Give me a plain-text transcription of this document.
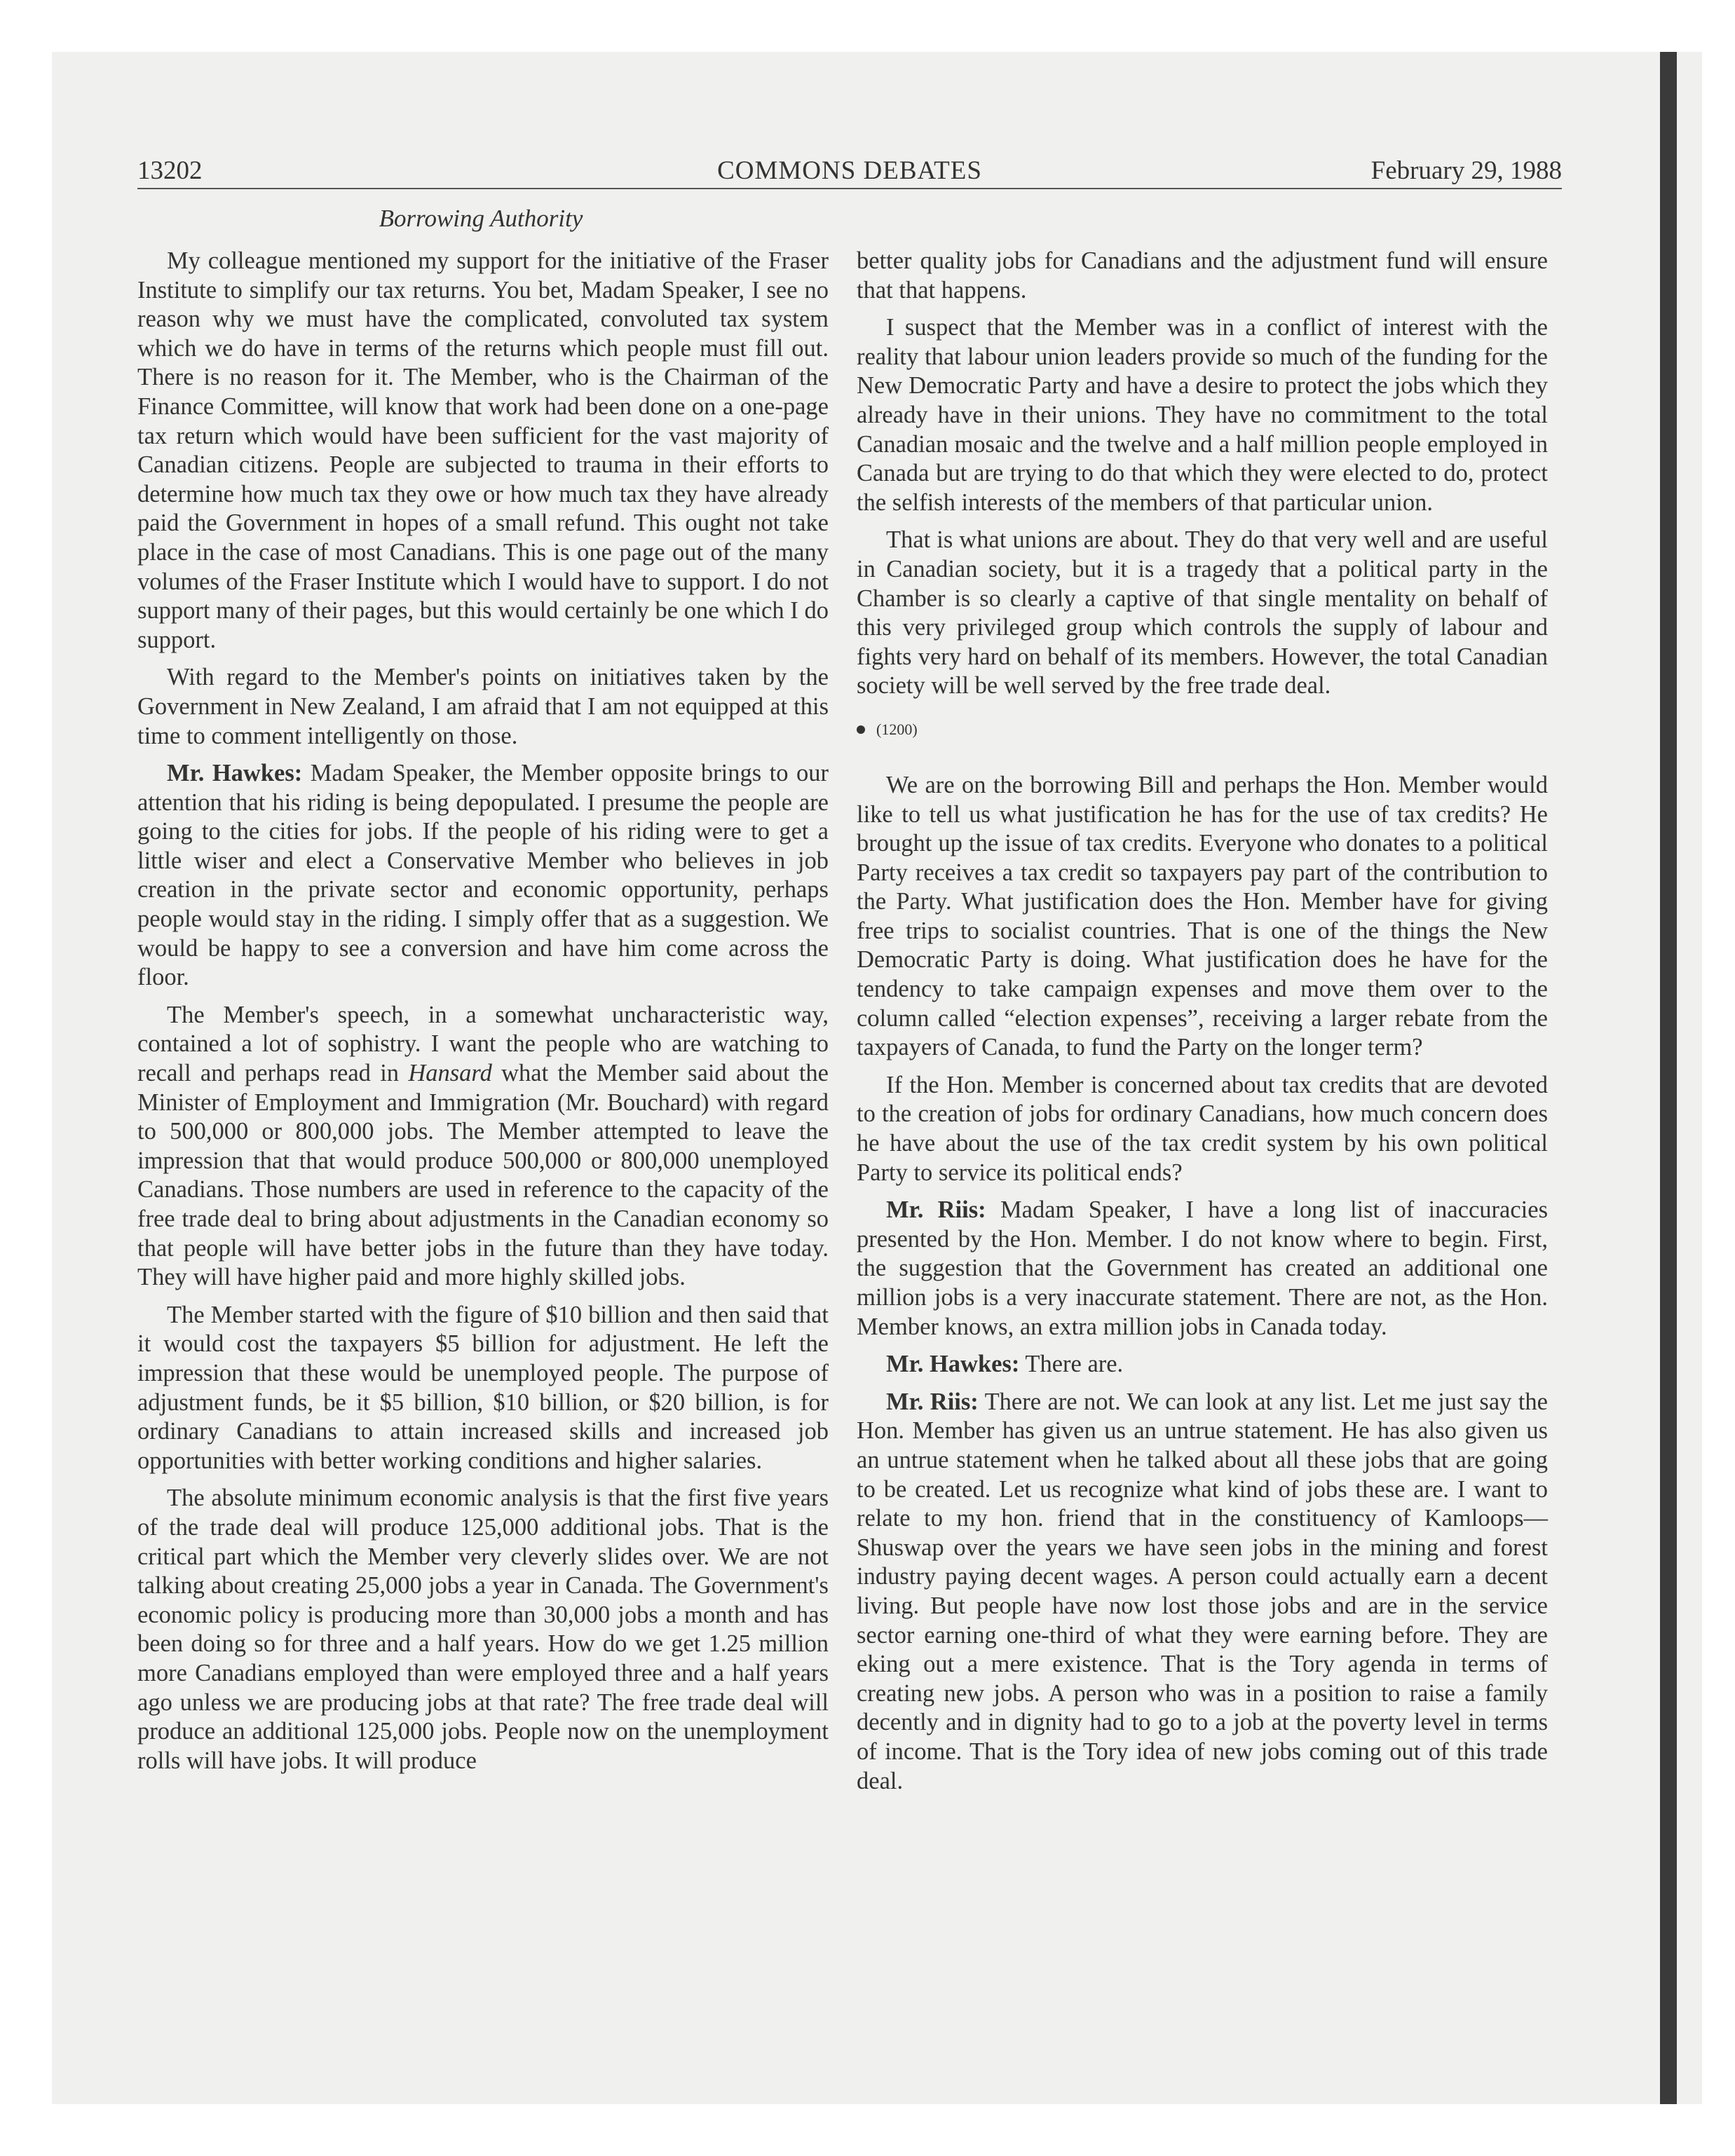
13202	COMMONS DEBATES	February 29, 1988
Borrowing Authority

My colleague mentioned my support for the initiative of the Fraser Institute to simplify our tax returns. You bet, Madam Speaker, I see no reason why we must have the complicated, convoluted tax system which we do have in terms of the returns which people must fill out. There is no reason for it. The Member, who is the Chairman of the Finance Committee, will know that work had been done on a one-page tax return which would have been sufficient for the vast majority of Canadian citizens. People are subjected to trauma in their efforts to determine how much tax they owe or how much tax they have already paid the Government in hopes of a small refund. This ought not take place in the case of most Canadians. This is one page out of the many volumes of the Fraser Institute which I would have to support. I do not support many of their pages, but this would certainly be one which I do support.

With regard to the Member's points on initiatives taken by the Government in New Zealand, I am afraid that I am not equipped at this time to comment intelligently on those.

Mr. Hawkes: Madam Speaker, the Member opposite brings to our attention that his riding is being depopulated. I presume the people are going to the cities for jobs. If the people of his riding were to get a little wiser and elect a Conservative Member who believes in job creation in the private sector and economic opportunity, perhaps people would stay in the riding. I simply offer that as a suggestion. We would be happy to see a conversion and have him come across the floor.

The Member's speech, in a somewhat uncharacteristic way, contained a lot of sophistry. I want the people who are watching to recall and perhaps read in Hansard what the Member said about the Minister of Employment and Immigration (Mr. Bouchard) with regard to 500,000 or 800,000 jobs. The Member attempted to leave the impression that that would produce 500,000 or 800,000 unemployed Canadians. Those numbers are used in reference to the capacity of the free trade deal to bring about adjustments in the Canadian economy so that people will have better jobs in the future than they have today. They will have higher paid and more highly skilled jobs.

The Member started with the figure of $10 billion and then said that it would cost the taxpayers $5 billion for adjustment. He left the impression that these would be unemployed people. The purpose of adjustment funds, be it $5 billion, $10 billion, or $20 billion, is for ordinary Canadians to attain increased skills and increased job opportunities with better working conditions and higher salaries.

The absolute minimum economic analysis is that the first five years of the trade deal will produce 125,000 additional jobs. That is the critical part which the Member very cleverly slides over. We are not talking about creating 25,000 jobs a year in Canada. The Government's economic policy is producing more than 30,000 jobs a month and has been doing so for three and a half years. How do we get 1.25 million more Canadians employed than were employed three and a half years ago unless we are producing jobs at that rate? The free trade deal will produce an additional 125,000 jobs. People now on the unemployment rolls will have jobs. It will produce

better quality jobs for Canadians and the adjustment fund will ensure that that happens.

I suspect that the Member was in a conflict of interest with the reality that labour union leaders provide so much of the funding for the New Democratic Party and have a desire to protect the jobs which they already have in their unions. They have no commitment to the total Canadian mosaic and the twelve and a half million people employed in Canada but are trying to do that which they were elected to do, protect the selfish interests of the members of that particular union.

That is what unions are about. They do that very well and are useful in Canadian society, but it is a tragedy that a political party in the Chamber is so clearly a captive of that single mentality on behalf of this very privileged group which controls the supply of labour and fights very hard on behalf of its members. However, the total Canadian society will be well served by the free trade deal.

(1200)

We are on the borrowing Bill and perhaps the Hon. Member would like to tell us what justification he has for the use of tax credits? He brought up the issue of tax credits. Everyone who donates to a political Party receives a tax credit so taxpayers pay part of the contribution to the Party. What justification does the Hon. Member have for giving free trips to socialist countries. That is one of the things the New Democratic Party is doing. What justification does he have for the tendency to take campaign expenses and move them over to the column called “election expenses”, receiving a larger rebate from the taxpayers of Canada, to fund the Party on the longer term?

If the Hon. Member is concerned about tax credits that are devoted to the creation of jobs for ordinary Canadians, how much concern does he have about the use of the tax credit system by his own political Party to service its political ends?

Mr. Riis: Madam Speaker, I have a long list of inaccuracies presented by the Hon. Member. I do not know where to begin. First, the suggestion that the Government has created an additional one million jobs is a very inaccurate statement. There are not, as the Hon. Member knows, an extra million jobs in Canada today.

Mr. Hawkes: There are.

Mr. Riis: There are not. We can look at any list. Let me just say the Hon. Member has given us an untrue statement. He has also given us an untrue statement when he talked about all these jobs that are going to be created. Let us recognize what kind of jobs these are. I want to relate to my hon. friend that in the constituency of Kamloops—Shuswap over the years we have seen jobs in the mining and forest industry paying decent wages. A person could actually earn a decent living. But people have now lost those jobs and are in the service sector earning one-third of what they were earning before. They are eking out a mere existence. That is the Tory agenda in terms of creating new jobs. A person who was in a position to raise a family decently and in dignity had to go to a job at the poverty level in terms of income. That is the Tory idea of new jobs coming out of this trade deal.
